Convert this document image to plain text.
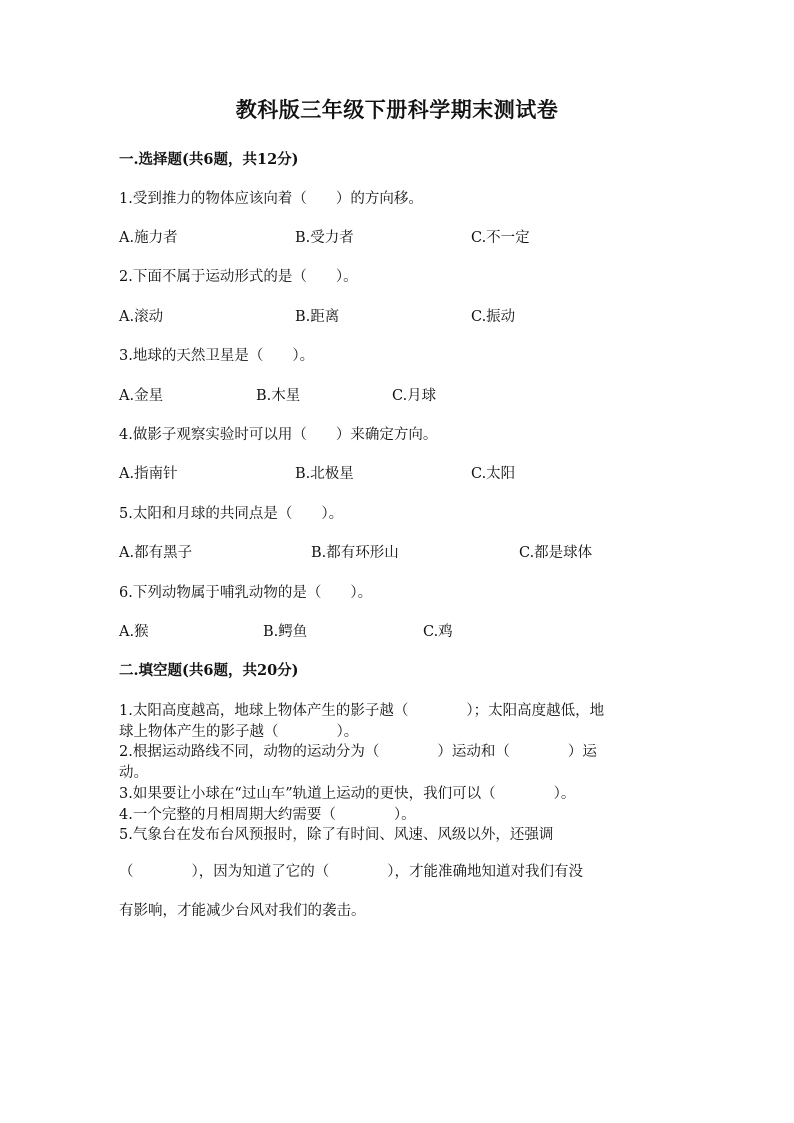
教科版三年级下册科学期末测试卷
一.选择题(共6题，共12分)
1.受到推力的物体应该向着（　　）的方向移。
A.施力者	B.受力者	C.不一定
2.下面不属于运动形式的是（　　）。
A.滚动	B.距离	C.振动
3.地球的天然卫星是（　　）。
A.金星	B.木星	C.月球
4.做影子观察实验时可以用（　　）来确定方向。
A.指南针	B.北极星	C.太阳
5.太阳和月球的共同点是（　　）。
A.都有黑子	B.都有环形山	C.都是球体
6.下列动物属于哺乳动物的是（　　）。
A.猴	B.鳄鱼	C.鸡
二.填空题(共6题，共20分)
1.太阳高度越高，地球上物体产生的影子越（　　　　）；太阳高度越低，地
球上物体产生的影子越（　　　　）。
2.根据运动路线不同，动物的运动分为（　　　　）运动和（　　　　）运
动。
3.如果要让小球在“过山车”轨道上运动的更快，我们可以（　　　　）。
4.一个完整的月相周期大约需要（　　　　）。
5.气象台在发布台风预报时，除了有时间、风速、风级以外，还强调
（　　　　），因为知道了它的（　　　　），才能准确地知道对我们有没
有影响，才能减少台风对我们的袭击。
